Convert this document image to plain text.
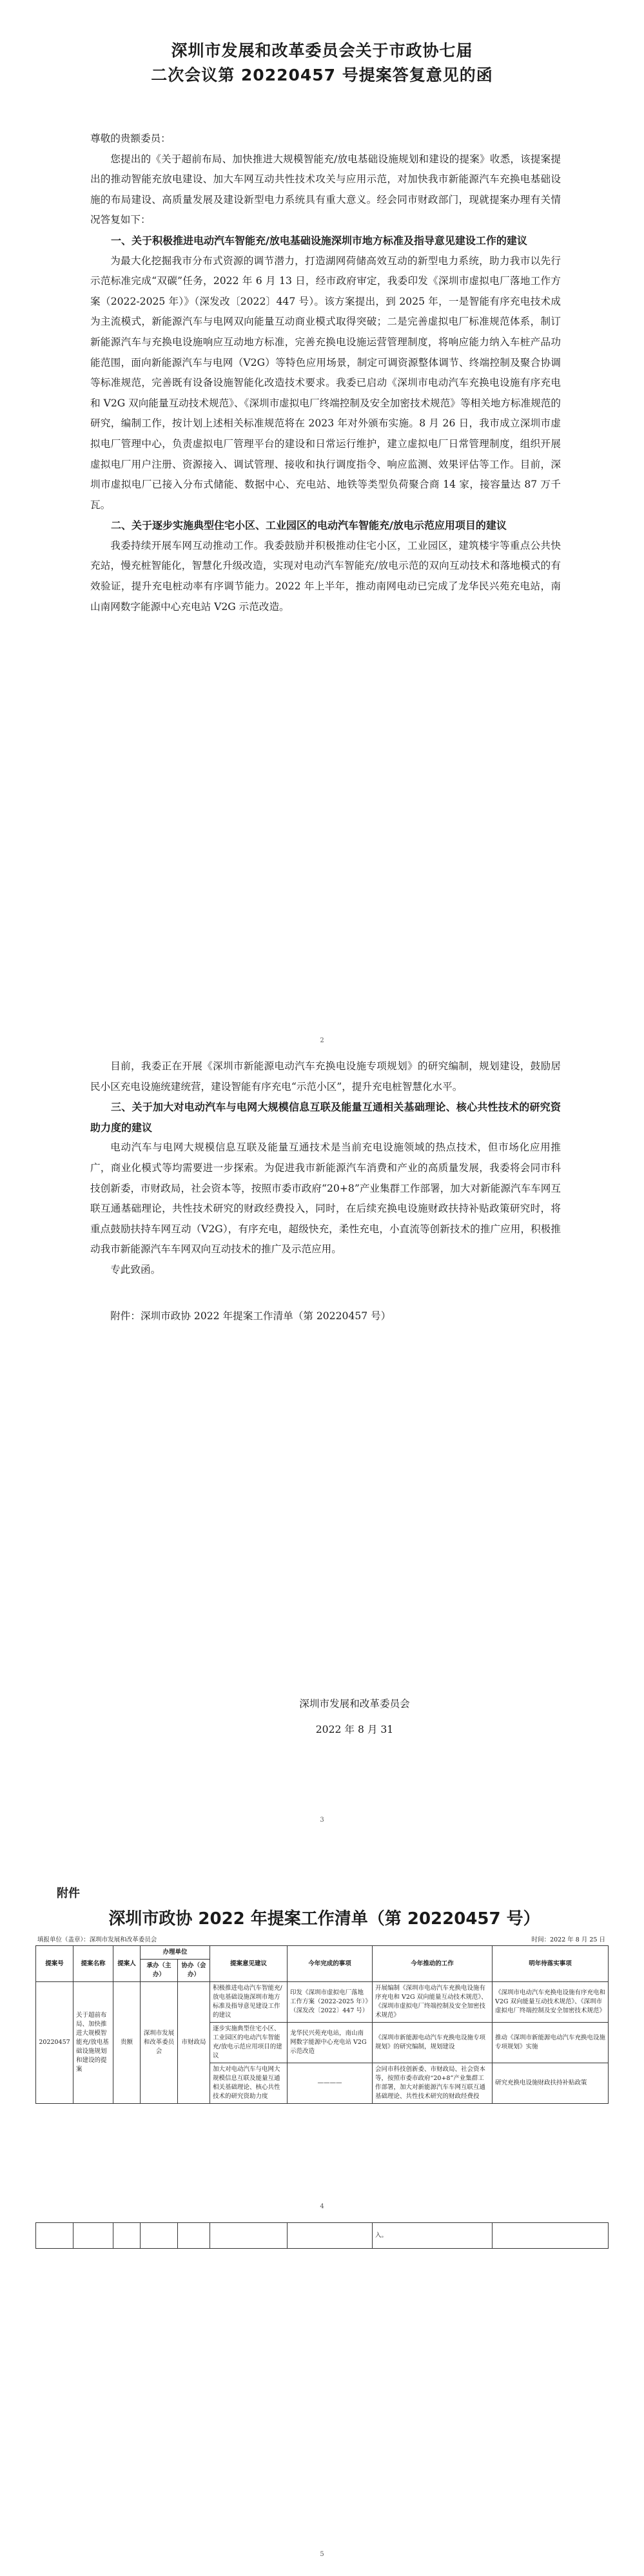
深圳市发展和改革委员会关于市政协七届
二次会议第 20220457 号提案答复意见的函

尊敬的贵额委员：

您提出的《关于超前布局、加快推进大规模智能充/放电基础设施规划和建设的提案》收悉，该提案提出的推动智能充放电建设、加大车网互动共性技术攻关与应用示范，对加快我市新能源汽车充换电基础设施的布局建设、高质量发展及建设新型电力系统具有重大意义。经会同市财政部门，现就提案办理有关情况答复如下：

一、关于积极推进电动汽车智能充/放电基础设施深圳市地方标准及指导意见建设工作的建议

为最大化挖掘我市分布式资源的调节潜力，打造湖网荷储高效互动的新型电力系统，助力我市以先行示范标准完成“双碳”任务，2022 年 6 月 13 日，经市政府审定，我委印发《深圳市虚拟电厂落地工作方案（2022-2025 年）》（深发改〔2022〕447 号）。该方案提出，到 2025 年，一是智能有序充电技术成为主流模式，新能源汽车与电网双向能量互动商业模式取得突破；二是完善虚拟电厂标准规范体系，制订新能源汽车与充换电设施响应互动地方标准，完善充换电设施运营管理制度，将响应能力纳入车桩产品功能范围，面向新能源汽车与电网（V2G）等特色应用场景，制定可调资源整体调节、终端控制及聚合协调等标准规范，完善既有设备设施智能化改造技术要求。我委已启动《深圳市电动汽车充换电设施有序充电和 V2G 双向能量互动技术规范》、《深圳市虚拟电厂终端控制及安全加密技术规范》等相关地方标准规范的研究，编制工作，按计划上述相关标准规范将在 2023 年对外颁布实施。8 月 26 日，我市成立深圳市虚拟电厂管理中心，负责虚拟电厂管理平台的建设和日常运行维护，建立虚拟电厂日常管理制度，组织开展虚拟电厂用户注册、资源接入、调试管理、接收和执行调度指令、响应监测、效果评估等工作。目前，深圳市虚拟电厂已接入分布式储能、数据中心、充电站、地铁等类型负荷聚合商 14 家，接容量达 87 万千瓦。

二、关于逐步实施典型住宅小区、工业园区的电动汽车智能充/放电示范应用项目的建议

我委持续开展车网互动推动工作。我委鼓励并积极推动住宅小区，工业园区，建筑楼宇等重点公共快充站，慢充桩智能化，智慧化升级改造，实现对电动汽车智能充/放电示范的双向互动技术和落地模式的有效验证，提升充电桩动率有序调节能力。2022 年上半年，推动南网电动已完成了龙华民兴苑充电站，南山南网数字能源中心充电站 V2G 示范改造。

2

目前，我委正在开展《深圳市新能源电动汽车充换电设施专项规划》的研究编制，规划建设，鼓励居民小区充电设施统建统营，建设智能有序充电“示范小区”，提升充电桩智慧化水平。

三、关于加大对电动汽车与电网大规模信息互联及能量互通相关基础理论、核心共性技术的研究资助力度的建议

电动汽车与电网大规模信息互联及能量互通技术是当前充电设施领域的热点技术，但市场化应用推广，商业化模式等均需要进一步探索。为促进我市新能源汽车消费和产业的高质量发展，我委将会同市科技创新委，市财政局，社会资本等，按照市委市政府“20+8”产业集群工作部署，加大对新能源汽车车网互联互通基础理论，共性技术研究的财政经费投入，同时，在后续充换电设施财政扶持补贴政策研究时，将重点鼓励扶持车网互动（V2G），有序充电，超级快充，柔性充电，小直流等创新技术的推广应用，积极推动我市新能源汽车车网双向互动技术的推广及示范应用。

专此致函。

附件：深圳市政协 2022 年提案工作清单（第 20220457 号）

深圳市发展和改革委员会
2022 年 8 月 31
3
附件
深圳市政协 2022 年提案工作清单（第 20220457 号）
填报单位（盖章）：深圳市发展和改革委员会	时间：2022 年 8 月 25 日
提案号	提案名称	提案人	办理单位		提案意见建议	今年完成的事项	今年推动的工作	明年待落实事项
			承办（主办）	协办（会办）				
20220457	关于超前布局、加快推进大规模智能充/放电基础设施规划和建设的提案	贵额	深圳市发展和改革委员会	市财政局	积极推进电动汽车智能充/放电基础设施深圳市地方标准及指导意见建设工作的建议	印发《深圳市虚拟电厂落地工作方案（2022-2025 年）》（深发改〔2022〕447 号）	开展编制《深圳市电动汽车充换电设施有序充电和 V2G 双向能量互动技术规范》、《深圳市虚拟电厂终端控制及安全加密技术规范》	《深圳市电动汽车充换电设施有序充电和 V2G 双向能量互动技术规范》、《深圳市虚拟电厂终端控制及安全加密技术规范》
					逐步实施典型住宅小区、工业园区的电动汽车智能充/放电示范应用项目的建议	龙华民兴苑充电站，南山南网数字能源中心充电站 V2G 示范改造	《深圳市新能源电动汽车充换电设施专项规划》的研究编制，规划建设	推动《深圳市新能源电动汽车充换电设施专项规划》实施
					加大对电动汽车与电网大规模信息互联及能量互通相关基础理论、核心共性技术的研究资助力度	————	会同市科技创新委、市财政局、社会资本等，按照市委市政府“20+8”产业集群工作部署，加大对新能源汽车车网互联互通基础理论、共性技术研究的财政经费投	研究充换电设施财政扶持补贴政策
4
							入。	
5
